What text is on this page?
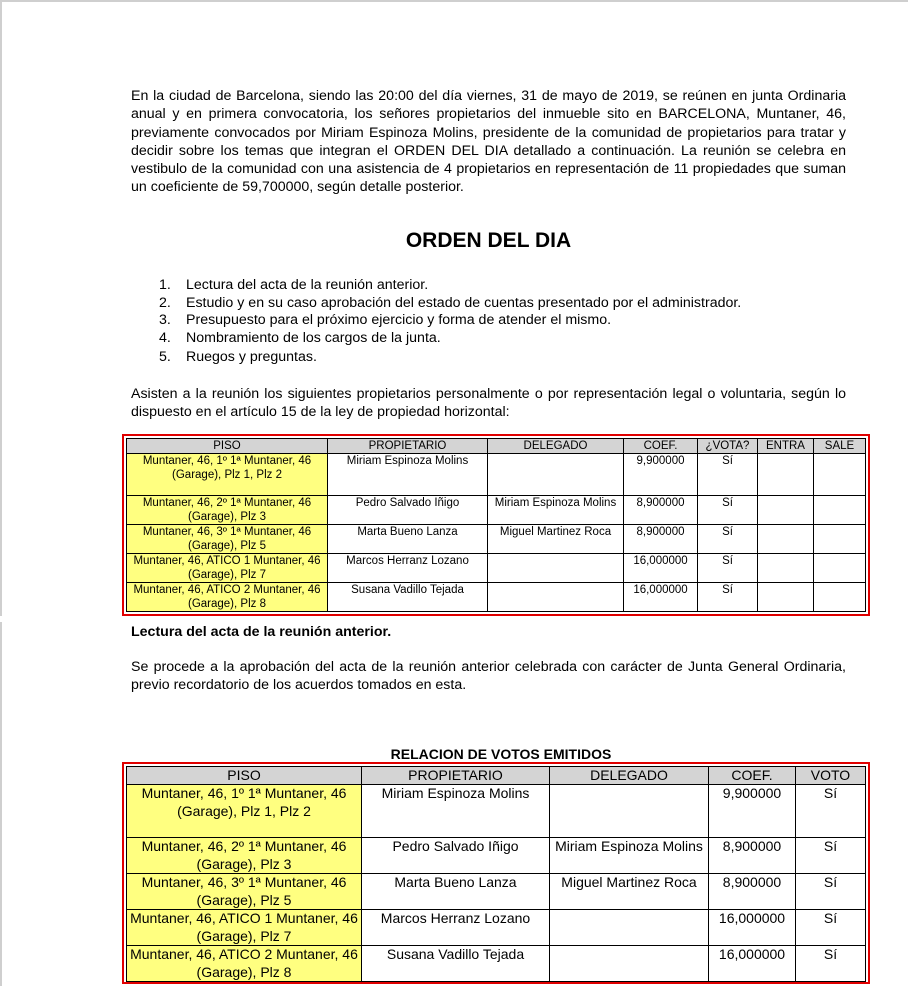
En la ciudad de Barcelona, siendo las 20:00 del día viernes, 31 de mayo de 2019, se reúnen en junta Ordinaria anual y en primera convocatoria, los señores propietarios del inmueble sito en BARCELONA, Muntaner, 46, previamente convocados por Miriam Espinoza Molins, presidente de la comunidad de propietarios para tratar y decidir sobre los temas que integran el ORDEN DEL DIA detallado a continuación. La reunión se celebra en vestibulo de la comunidad con una asistencia de 4 propietarios en representación de 11 propiedades que suman un coeficiente de 59,700000, según detalle posterior.

ORDEN DEL DIA
1. Lectura del acta de la reunión anterior.
2. Estudio y en su caso aprobación del estado de cuentas presentado por el administrador.
3. Presupuesto para el próximo ejercicio y forma de atender el mismo.
4. Nombramiento de los cargos de la junta.
5. Ruegos y preguntas.

Asisten a la reunión los siguientes propietarios personalmente o por representación legal o voluntaria, según lo dispuesto en el artículo 15 de la ley de propiedad horizontal:

PISO	PROPIETARIO	DELEGADO	COEF.	¿VOTA?	ENTRA	SALE
Muntaner, 46, 1º 1ª Muntaner, 46 (Garage), Plz 1, Plz 2	Miriam Espinoza Molins		9,900000	Sí		
Muntaner, 46, 2º 1ª Muntaner, 46 (Garage), Plz 3	Pedro Salvado Iñigo	Miriam Espinoza Molins	8,900000	Sí		
Muntaner, 46, 3º 1ª Muntaner, 46 (Garage), Plz 5	Marta Bueno Lanza	Miguel Martinez Roca	8,900000	Sí		
Muntaner, 46, ATICO 1 Muntaner, 46 (Garage), Plz 7	Marcos Herranz Lozano		16,000000	Sí		
Muntaner, 46, ATICO 2 Muntaner, 46 (Garage), Plz 8	Susana Vadillo Tejada		16,000000	Sí		
Lectura del acta de la reunión anterior.

Se procede a la aprobación del acta de la reunión anterior celebrada con carácter de Junta General Ordinaria, previo recordatorio de los acuerdos tomados en esta.

RELACION DE VOTOS EMITIDOS
PISO	PROPIETARIO	DELEGADO	COEF.	VOTO
Muntaner, 46, 1º 1ª Muntaner, 46 (Garage), Plz 1, Plz 2	Miriam Espinoza Molins		9,900000	Sí
Muntaner, 46, 2º 1ª Muntaner, 46 (Garage), Plz 3	Pedro Salvado Iñigo	Miriam Espinoza Molins	8,900000	Sí
Muntaner, 46, 3º 1ª Muntaner, 46 (Garage), Plz 5	Marta Bueno Lanza	Miguel Martinez Roca	8,900000	Sí
Muntaner, 46, ATICO 1 Muntaner, 46 (Garage), Plz 7	Marcos Herranz Lozano		16,000000	Sí
Muntaner, 46, ATICO 2 Muntaner, 46 (Garage), Plz 8	Susana Vadillo Tejada		16,000000	Sí
